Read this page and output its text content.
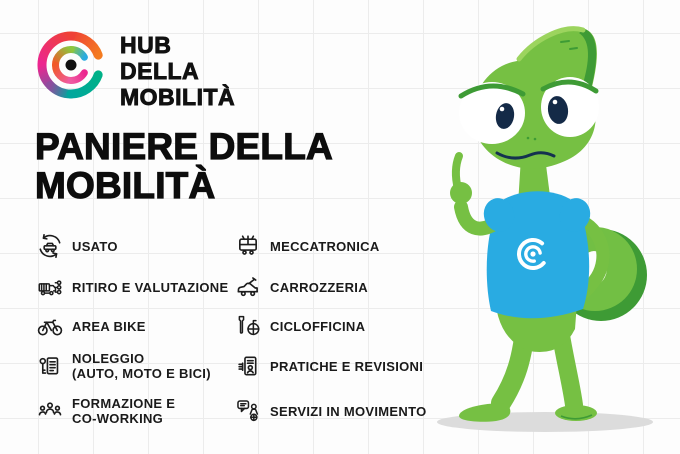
HUB
DELLA
MOBILITÀ
PANIERE DELLA
MOBILITÀ
USATO
RITIRO E VALUTAZIONE
AREA BIKE
NOLEGGIO
(AUTO, MOTO E BICI)
FORMAZIONE E
CO-WORKING
MECCATRONICA
CARROZZERIA
CICLOFFICINA
PRATICHE E REVISIONI
SERVIZI IN MOVIMENTO
